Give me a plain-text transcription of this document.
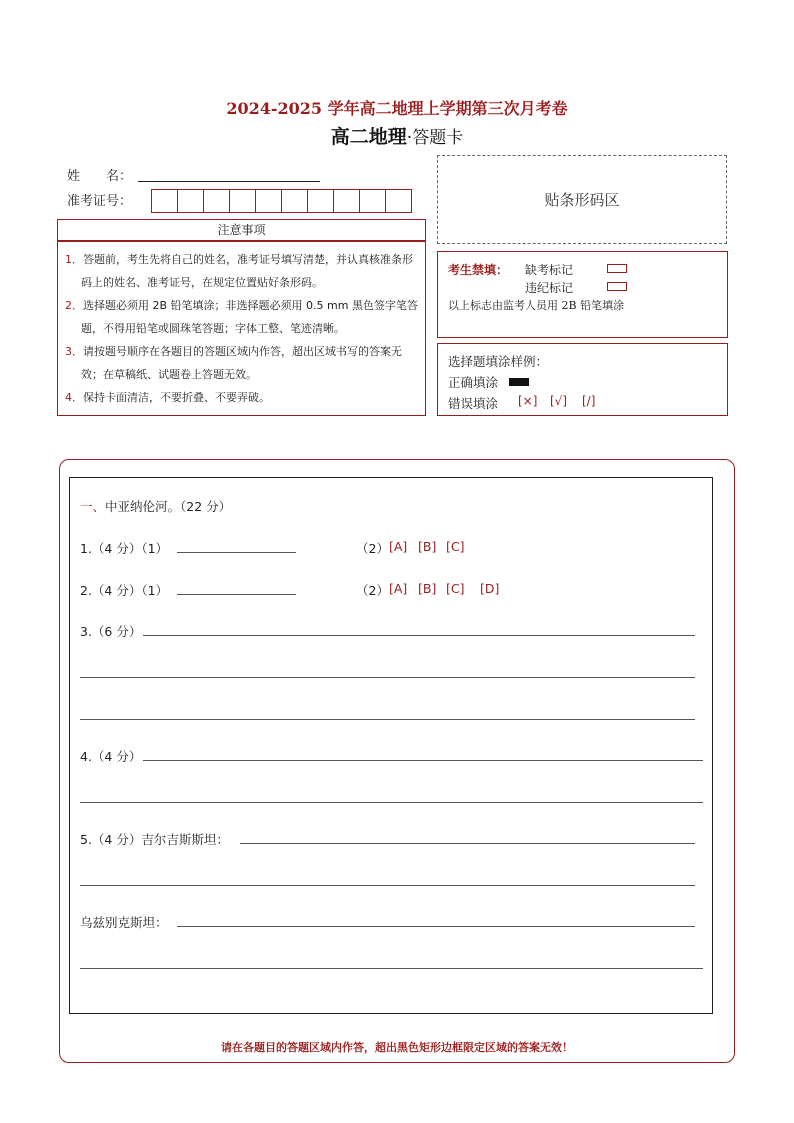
2024-2025 学年高二地理上学期第三次月考卷
高二地理·答题卡
姓　　名：
准考证号：	贴条形码区
注意事项
1．答题前，考生先将自己的姓名，准考证号填写清楚，并认真核准条形码上的姓名、准考证号，在规定位置贴好条形码。
2．选择题必须用 2B 铅笔填涂；非选择题必须用 0.5 mm 黑色签字笔答题，不得用铅笔或圆珠笔答题；字体工整、笔迹清晰。
3．请按题号顺序在各题目的答题区域内作答，超出区域书写的答案无效；在草稿纸、试题卷上答题无效。
4．保持卡面清洁，不要折叠、不要弄破。
考生禁填： 缺考标记
违纪标记
以上标志由监考人员用 2B 铅笔填涂
选择题填涂样例：
正确填涂
错误填涂 [×] [√] [/]
一、中亚纳伦河。（22 分）
1.（4 分）（1）	（2） [A] [B] [C]
2.（4 分）（1）	（2） [A] [B] [C] [D]
3.（6 分）
4.（4 分）
5.（4 分）吉尔吉斯斯坦：
乌兹别克斯坦：
请在各题目的答题区域内作答，超出黑色矩形边框限定区域的答案无效！
